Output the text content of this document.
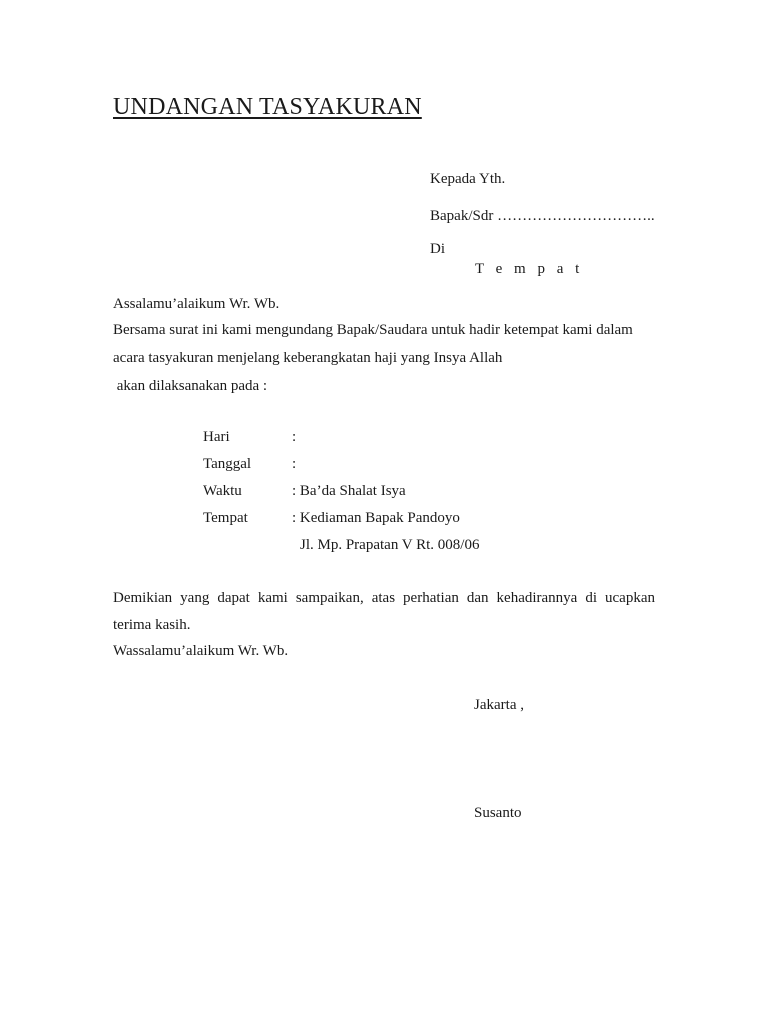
UNDANGAN TASYAKURAN
Kepada Yth.
Bapak/Sdr …………………………..
Di
T e m p a t
Assalamu’alaikum Wr. Wb.
Bersama surat ini kami mengundang Bapak/Saudara untuk hadir ketempat kami dalam
acara tasyakuran menjelang keberangkatan haji yang Insya Allah
akan dilaksanakan pada :
Hari	:
Tanggal	:
Waktu	: Ba’da Shalat Isya
Tempat	: Kediaman Bapak Pandoyo
Jl. Mp. Prapatan V Rt. 008/06
Demikian yang dapat kami sampaikan, atas perhatian dan kehadirannya di ucapkan
terima kasih.
Wassalamu’alaikum Wr. Wb.
Jakarta ,
Susanto
